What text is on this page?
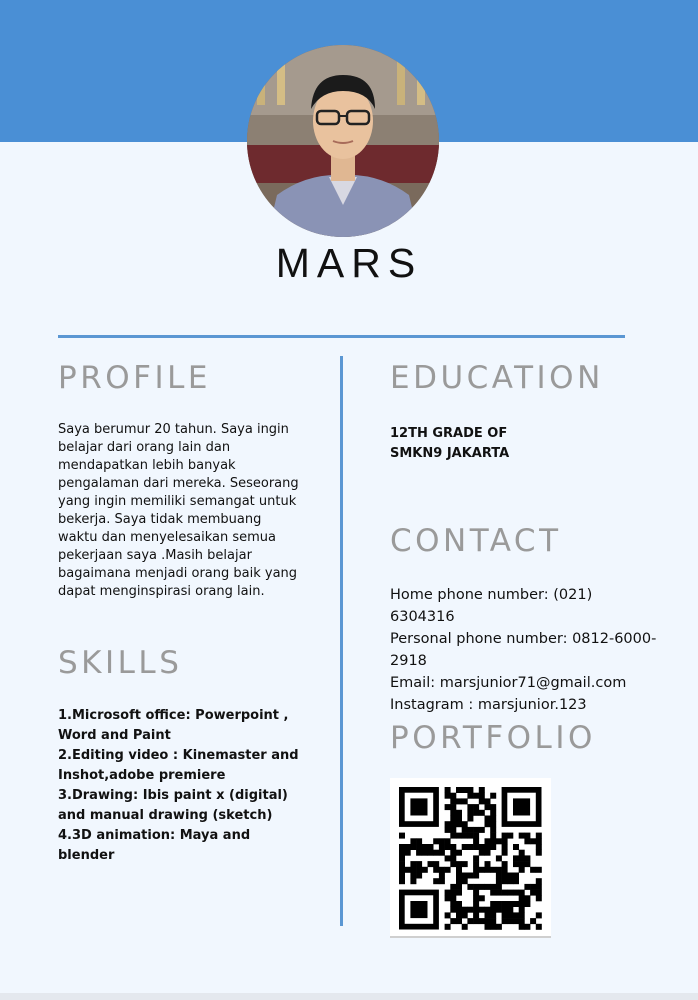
MARS
PROFILE
Saya berumur 20 tahun. Saya ingin
belajar dari orang lain dan
mendapatkan lebih banyak
pengalaman dari mereka. Seseorang
yang ingin memiliki semangat untuk
bekerja. Saya tidak membuang
waktu dan menyelesaikan semua
pekerjaan saya .Masih belajar
bagaimana menjadi orang baik yang
dapat menginspirasi orang lain.
SKILLS
1.Microsoft office: Powerpoint ,
Word and Paint
2.Editing video : Kinemaster and
Inshot,adobe premiere
3.Drawing: Ibis paint x (digital)
and manual drawing (sketch)
4.3D animation: Maya and
blender
EDUCATION
12TH GRADE OF
SMKN9 JAKARTA
CONTACT
Home phone number: (021) 6304316
Personal phone number: 0812-6000-
2918
Email: marsjunior71@gmail.com
Instagram : marsjunior.123
PORTFOLIO
